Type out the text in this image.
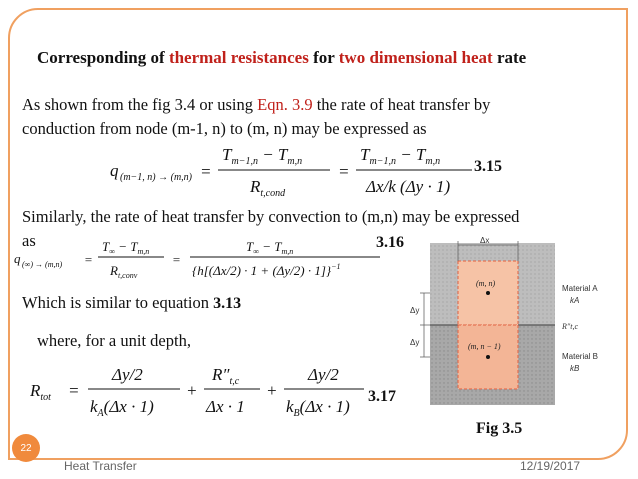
Corresponding of thermal resistances for two dimensional heat rate
As shown from the fig 3.4 or using Eqn. 3.9 the rate of heat transfer by
conduction from node (m-1, n) to (m, n) may be expressed as
q (m−1, n) → (m,n) =
$T_{m-1,n} - T_{m,n}$
$R_{t,cond}$
=
$T_{m-1,n} - T_{m,n}$
Δx/k (Δy · 1)
3.15
Similarly, the rate of heat transfer by convection to (m,n) may be expressed
as
q (∞) → (m,n) =
$T_\infty - T_{m,n}$
$R_{t,conv}$
=
$T_\infty - T_{m,n}$
$\{h[(\Delta x/2) \cdot 1 + (\Delta y/2) \cdot 1]\}^{-1}$
3.16
Which is similar to equation 3.13
where, for a unit depth,
$R_{tot}$ =
Δy/2
$k_A(\Delta x \cdot 1)$
+
$R''_{t,c}$
Δx · 1
+
Δy/2
$k_B(\Delta x \cdot 1)$
3.17
Δx
Δy
Δy
(m, n)
(m, n − 1)
Material A
kA
R″t,c
Material B
kB
Fig 3.5
22
Heat Transfer	12/19/2017
